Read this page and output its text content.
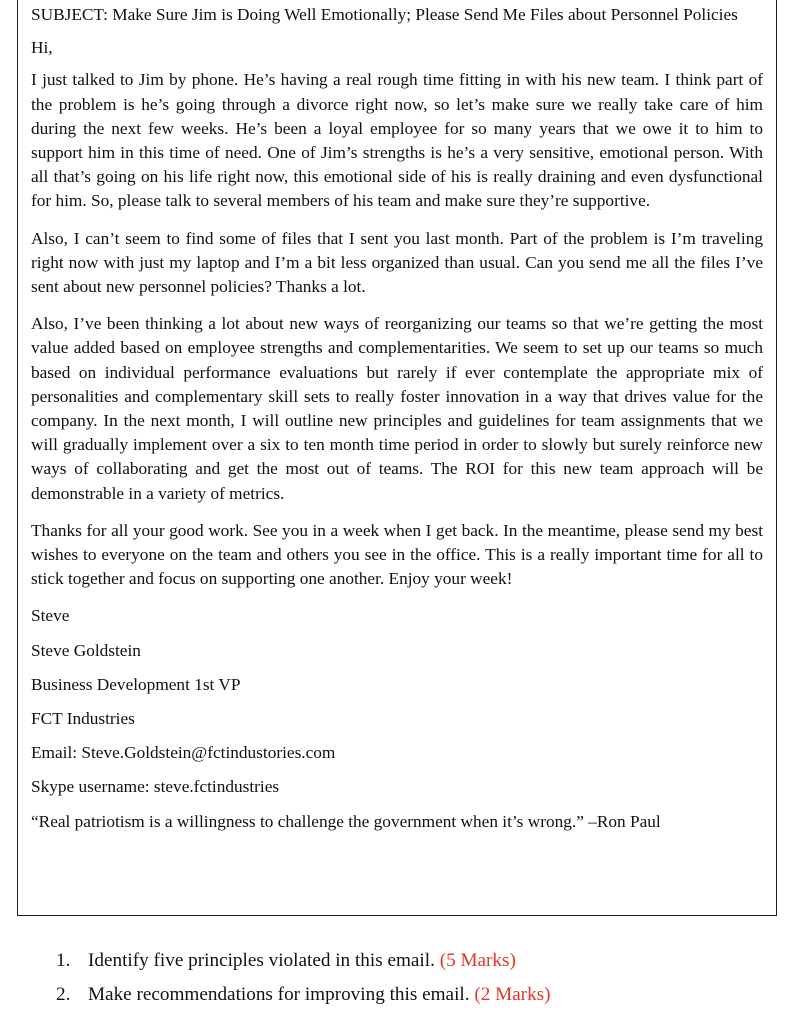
SUBJECT: Make Sure Jim is Doing Well Emotionally; Please Send Me Files about Personnel Policies

Hi,

I just talked to Jim by phone. He’s having a real rough time fitting in with his new team. I think part of the problem is he’s going through a divorce right now, so let’s make sure we really take care of him during the next few weeks. He’s been a loyal employee for so many years that we owe it to him to support him in this time of need. One of Jim’s strengths is he’s a very sensitive, emotional person. With all that’s going on his life right now, this emotional side of his is really draining and even dysfunctional for him. So, please talk to several members of his team and make sure they’re supportive.

Also, I can’t seem to find some of files that I sent you last month. Part of the problem is I’m traveling right now with just my laptop and I’m a bit less organized than usual. Can you send me all the files I’ve sent about new personnel policies? Thanks a lot.

Also, I’ve been thinking a lot about new ways of reorganizing our teams so that we’re getting the most value added based on employee strengths and complementarities. We seem to set up our teams so much based on individual performance evaluations but rarely if ever contemplate the appropriate mix of personalities and complementary skill sets to really foster innovation in a way that drives value for the company. In the next month, I will outline new principles and guidelines for team assignments that we will gradually implement over a six to ten month time period in order to slowly but surely reinforce new ways of collaborating and get the most out of teams. The ROI for this new team approach will be demonstrable in a variety of metrics.

Thanks for all your good work. See you in a week when I get back. In the meantime, please send my best wishes to everyone on the team and others you see in the office. This is a really important time for all to stick together and focus on supporting one another. Enjoy your week!

Steve

Steve Goldstein

Business Development 1st VP

FCT Industries

Email: Steve.Goldstein@fctindustories.com

Skype username: steve.fctindustries

“Real patriotism is a willingness to challenge the government when it’s wrong.” –Ron Paul

1. Identify five principles violated in this email. (5 Marks)
2. Make recommendations for improving this email. (2 Marks)
